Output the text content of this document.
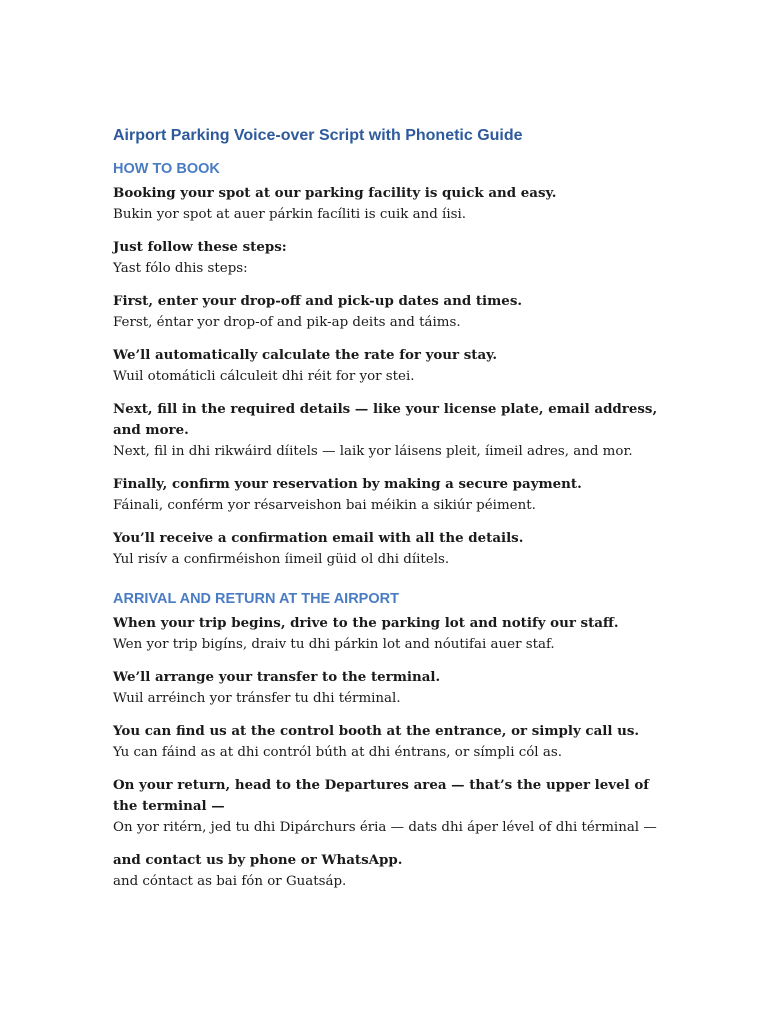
Airport Parking Voice-over Script with Phonetic Guide
HOW TO BOOK

Booking your spot at our parking facility is quick and easy.

Bukin yor spot at auer párkin facíliti is cuik and íisi.

Just follow these steps:

Yast fólo dhis steps:

First, enter your drop-off and pick-up dates and times.

Ferst, éntar yor drop-of and pik-ap deits and táims.

We’ll automatically calculate the rate for your stay.

Wuil otomáticli cálculeit dhi réit for yor stei.

Next, fill in the required details — like your license plate, email address, and more.

Next, fil in dhi rikwáird díitels — laik yor láisens pleit, íimeil adres, and mor.

Finally, confirm your reservation by making a secure payment.

Fáinali, conférm yor résarveishon bai méikin a sikiúr péiment.

You’ll receive a confirmation email with all the details.

Yul risív a confirméishon íimeil güid ol dhi díitels.

ARRIVAL AND RETURN AT THE AIRPORT

When your trip begins, drive to the parking lot and notify our staff.

Wen yor trip bigíns, draiv tu dhi párkin lot and nóutifai auer staf.

We’ll arrange your transfer to the terminal.

Wuil arréinch yor tránsfer tu dhi términal.

You can find us at the control booth at the entrance, or simply call us.

Yu can fáind as at dhi contról búth at dhi éntrans, or símpli cól as.

On your return, head to the Departures area — that’s the upper level of the terminal —

On yor ritérn, jed tu dhi Dipárchurs éria — dats dhi áper lével of dhi términal —

and contact us by phone or WhatsApp.

and cóntact as bai fón or Guatsáp.
